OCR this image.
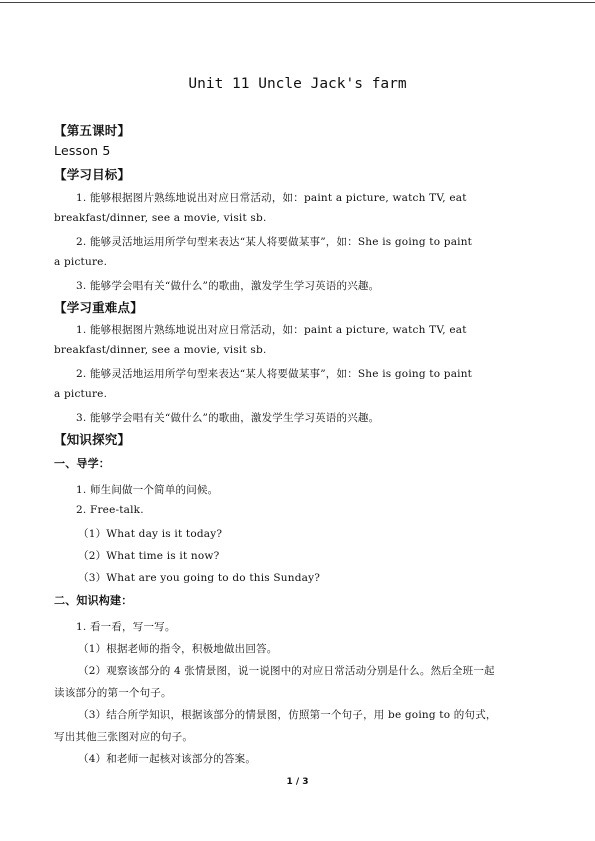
Unit 11 Uncle Jack's farm
【第五课时】
Lesson 5
【学习目标】
1. 能够根据图片熟练地说出对应日常活动，如：paint a picture, watch TV, eat
breakfast/dinner, see a movie, visit sb.
2. 能够灵活地运用所学句型来表达“某人将要做某事”，如：She is going to paint
a picture.
3. 能够学会唱有关“做什么”的歌曲，激发学生学习英语的兴趣。
【学习重难点】
1. 能够根据图片熟练地说出对应日常活动，如：paint a picture, watch TV, eat
breakfast/dinner, see a movie, visit sb.
2. 能够灵活地运用所学句型来表达“某人将要做某事”，如：She is going to paint
a picture.
3. 能够学会唱有关“做什么”的歌曲，激发学生学习英语的兴趣。
【知识探究】
一、导学：
1. 师生间做一个简单的问候。
2. Free-talk.
（1）What day is it today?
（2）What time is it now?
（3）What are you going to do this Sunday?
二、知识构建：
1. 看一看，写一写。
（1）根据老师的指令，积极地做出回答。
（2）观察该部分的 4 张情景图，说一说图中的对应日常活动分别是什么。然后全班一起
读该部分的第一个句子。
（3）结合所学知识，根据该部分的情景图，仿照第一个句子，用 be going to 的句式，
写出其他三张图对应的句子。
（4）和老师一起核对该部分的答案。
1 / 3
